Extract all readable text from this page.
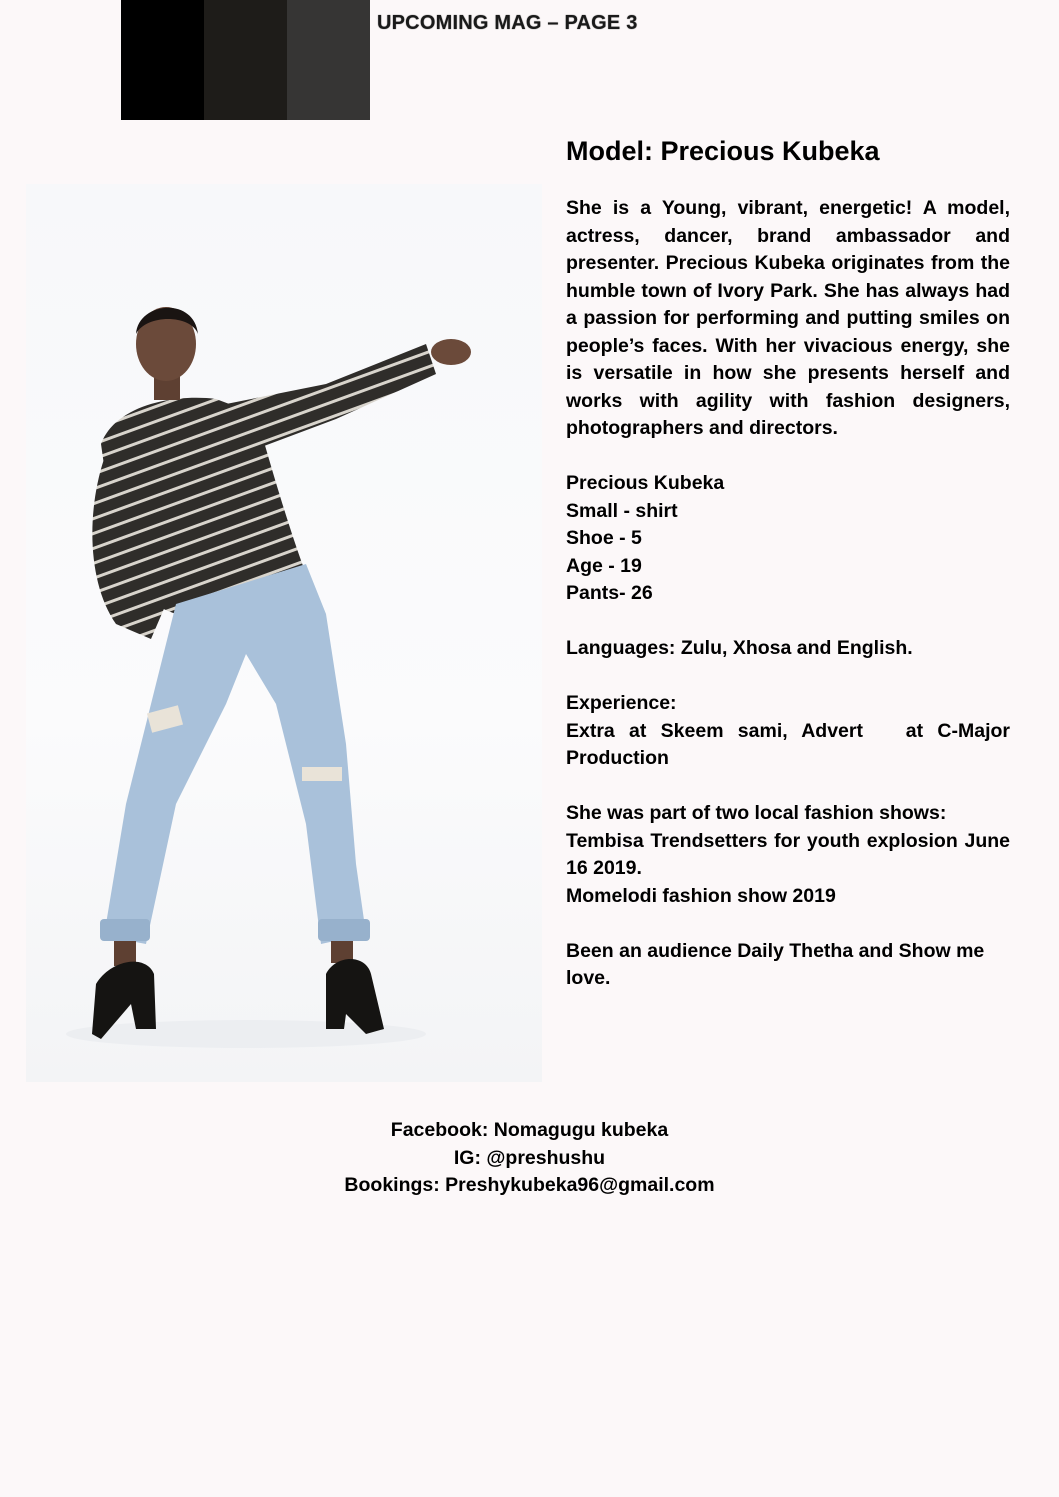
UPCOMING MAG – PAGE 3
Model: Precious Kubeka

She is a Young, vibrant, energetic! A model, actress, dancer, brand ambassador and presenter. Precious Kubeka originates from the humble town of Ivory Park. She has always had a passion for performing and putting smiles on people’s faces. With her vivacious energy, she is versatile in how she presents herself and works with agility with fashion designers, photographers and directors.

Precious Kubeka

Small - shirt

Shoe - 5

Age - 19

Pants- 26

Languages: Zulu, Xhosa and English.

Experience:

Extra at Skeem sami, Advert   at C-Major Production

She was part of two local fashion shows:

Tembisa Trendsetters for youth explosion June 16 2019.

Momelodi fashion show 2019

Been an audience Daily Thetha and Show me love.

Facebook: Nomagugu kubeka
IG: @preshushu
Bookings: Preshykubeka96@gmail.com
